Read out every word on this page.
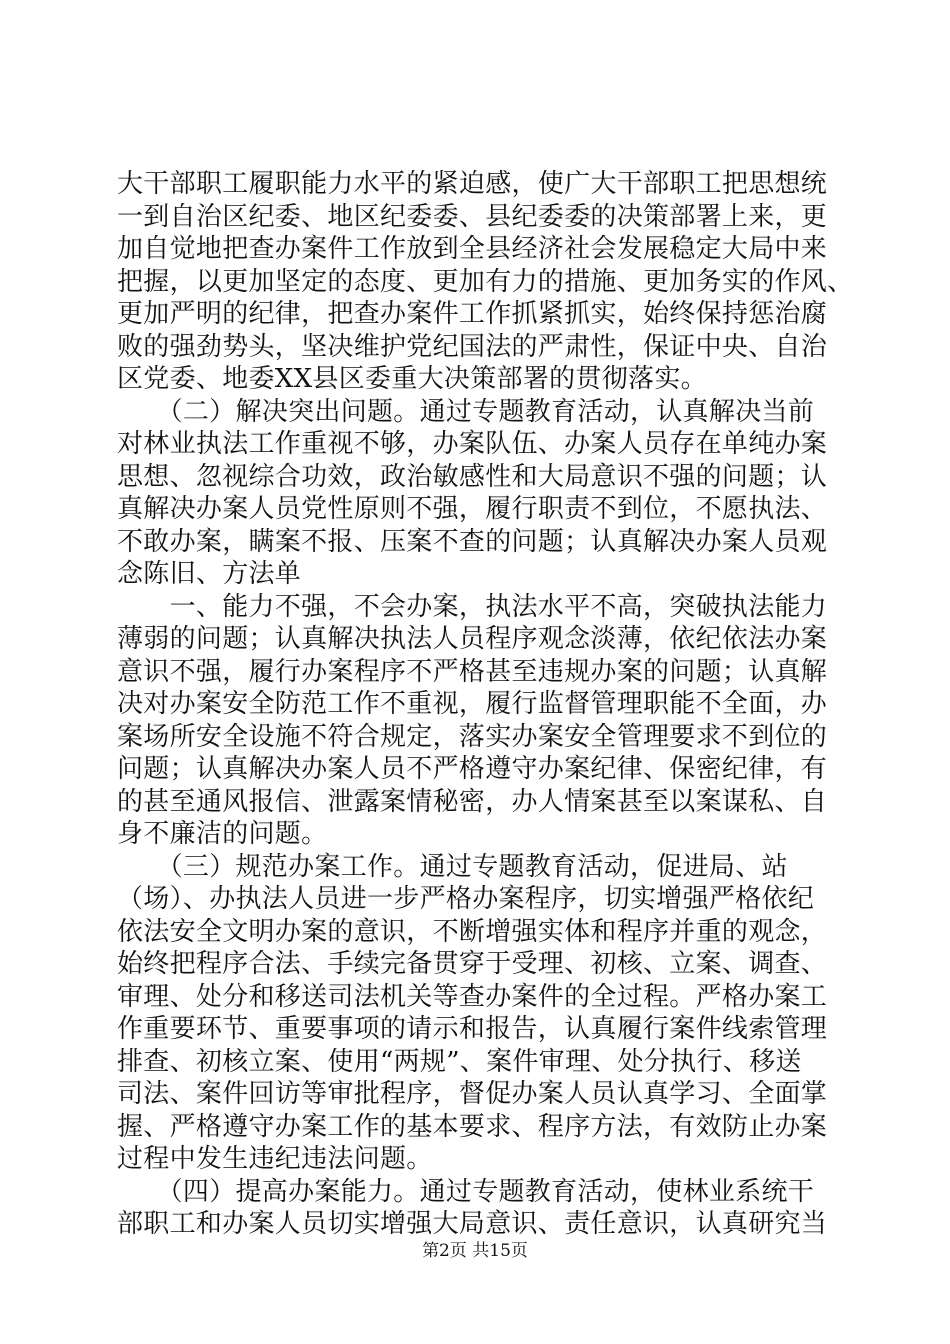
大干部职工履职能力水平的紧迫感，使广大干部职工把思想统
一到自治区纪委、地区纪委委、县纪委委的决策部署上来，更
加自觉地把查办案件工作放到全县经济社会发展稳定大局中来
把握，以更加坚定的态度、更加有力的措施、更加务实的作风、
更加严明的纪律，把查办案件工作抓紧抓实，始终保持惩治腐
败的强劲势头，坚决维护党纪国法的严肃性，保证中央、自治
区党委、地委XX县区委重大决策部署的贯彻落实。
　　（二）解决突出问题。通过专题教育活动，认真解决当前
对林业执法工作重视不够，办案队伍、办案人员存在单纯办案
思想、忽视综合功效，政治敏感性和大局意识不强的问题；认
真解决办案人员党性原则不强，履行职责不到位，不愿执法、
不敢办案，瞒案不报、压案不查的问题；认真解决办案人员观
念陈旧、方法单
　　一、能力不强，不会办案，执法水平不高，突破执法能力
薄弱的问题；认真解决执法人员程序观念淡薄，依纪依法办案
意识不强，履行办案程序不严格甚至违规办案的问题；认真解
决对办案安全防范工作不重视，履行监督管理职能不全面，办
案场所安全设施不符合规定，落实办案安全管理要求不到位的
问题；认真解决办案人员不严格遵守办案纪律、保密纪律，有
的甚至通风报信、泄露案情秘密，办人情案甚至以案谋私、自
身不廉洁的问题。
　　（三）规范办案工作。通过专题教育活动，促进局、站
（场）、办执法人员进一步严格办案程序，切实增强严格依纪
依法安全文明办案的意识，不断增强实体和程序并重的观念，
始终把程序合法、手续完备贯穿于受理、初核、立案、调查、
审理、处分和移送司法机关等查办案件的全过程。严格办案工
作重要环节、重要事项的请示和报告，认真履行案件线索管理
排查、初核立案、使用“两规”、案件审理、处分执行、移送
司法、案件回访等审批程序，督促办案人员认真学习、全面掌
握、严格遵守办案工作的基本要求、程序方法，有效防止办案
过程中发生违纪违法问题。
　　（四）提高办案能力。通过专题教育活动，使林业系统干
部职工和办案人员切实增强大局意识、责任意识，认真研究当
第2页 共15页
